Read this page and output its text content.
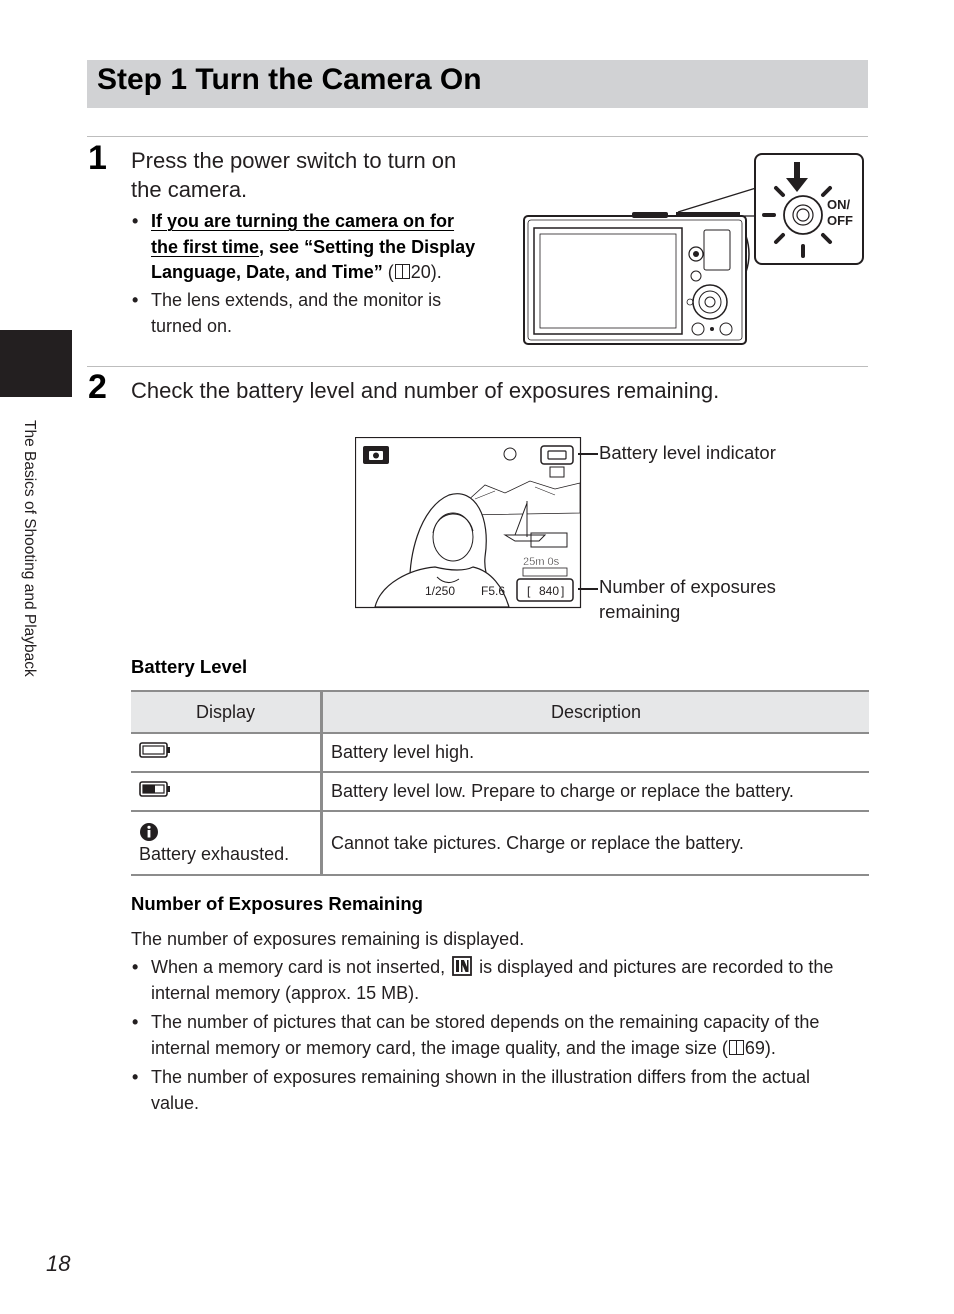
Step 1 Turn the Camera On
The Basics of Shooting and Playback
1 Press the power switch to turn on
the camera.
• If you are turning the camera on for
the first time, see “Setting the Display
Language, Date, and Time” ( 20).
• The lens extends, and the monitor is
turned on.
ON/
OFF
2 Check the battery level and number of exposures remaining.
25m 0s
1/250 F5.6 [ 840 ]
Battery level indicator
Number of exposures
remaining
Battery Level
Display	Description
	Battery level high.
	Battery level low. Prepare to charge or replace the battery.

Battery exhausted.	Cannot take pictures. Charge or replace the battery.
Number of Exposures Remaining
The number of exposures remaining is displayed.
• When a memory card is not inserted, is displayed and pictures are recorded to the
internal memory (approx. 15 MB).
• The number of pictures that can be stored depends on the remaining capacity of the
internal memory or memory card, the image quality, and the image size ( 69).
• The number of exposures remaining shown in the illustration differs from the actual
value.
18
